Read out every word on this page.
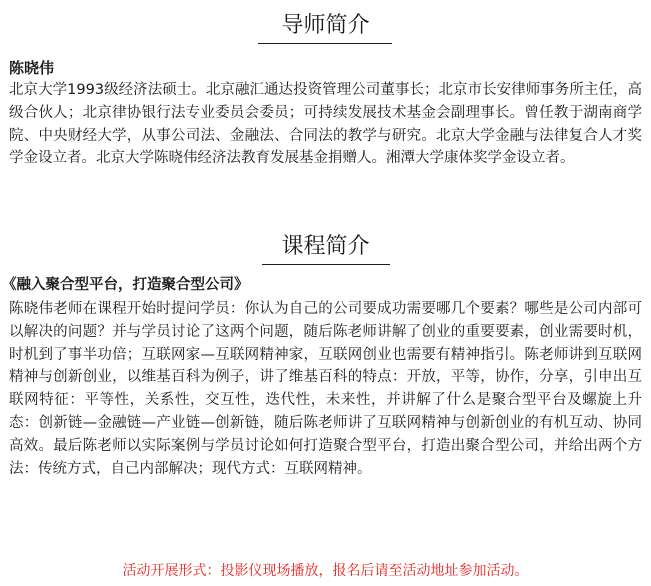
导师简介
陈晓伟

北京大学1993级经济法硕士。北京融汇通达投资管理公司董事长；北京市长安律师事务所主任，高级合伙人；北京律协银行法专业委员会委员；可持续发展技术基金会副理事长。曾任教于湖南商学院、中央财经大学，从事公司法、金融法、合同法的教学与研究。北京大学金融与法律复合人才奖学金设立者。北京大学陈晓伟经济法教育发展基金捐赠人。湘潭大学康体奖学金设立者。

课程简介
《融入聚合型平台，打造聚合型公司》

陈晓伟老师在课程开始时提问学员：你认为自己的公司要成功需要哪几个要素？哪些是公司内部可以解决的问题？并与学员讨论了这两个问题，随后陈老师讲解了创业的重要要素，创业需要时机，时机到了事半功倍；互联网家—互联网精神家，互联网创业也需要有精神指引。陈老师讲到互联网精神与创新创业，以维基百科为例子，讲了维基百科的特点：开放，平等，协作，分享，引申出互联网特征：平等性，关系性，交互性，迭代性，未来性，并讲解了什么是聚合型平台及螺旋上升态：创新链—金融链—产业链—创新链，随后陈老师讲了互联网精神与创新创业的有机互动、协同高效。最后陈老师以实际案例与学员讨论如何打造聚合型平台，打造出聚合型公司，并给出两个方法：传统方式，自己内部解决；现代方式：互联网精神。

活动开展形式：投影仪现场播放，报名后请至活动地址参加活动。
